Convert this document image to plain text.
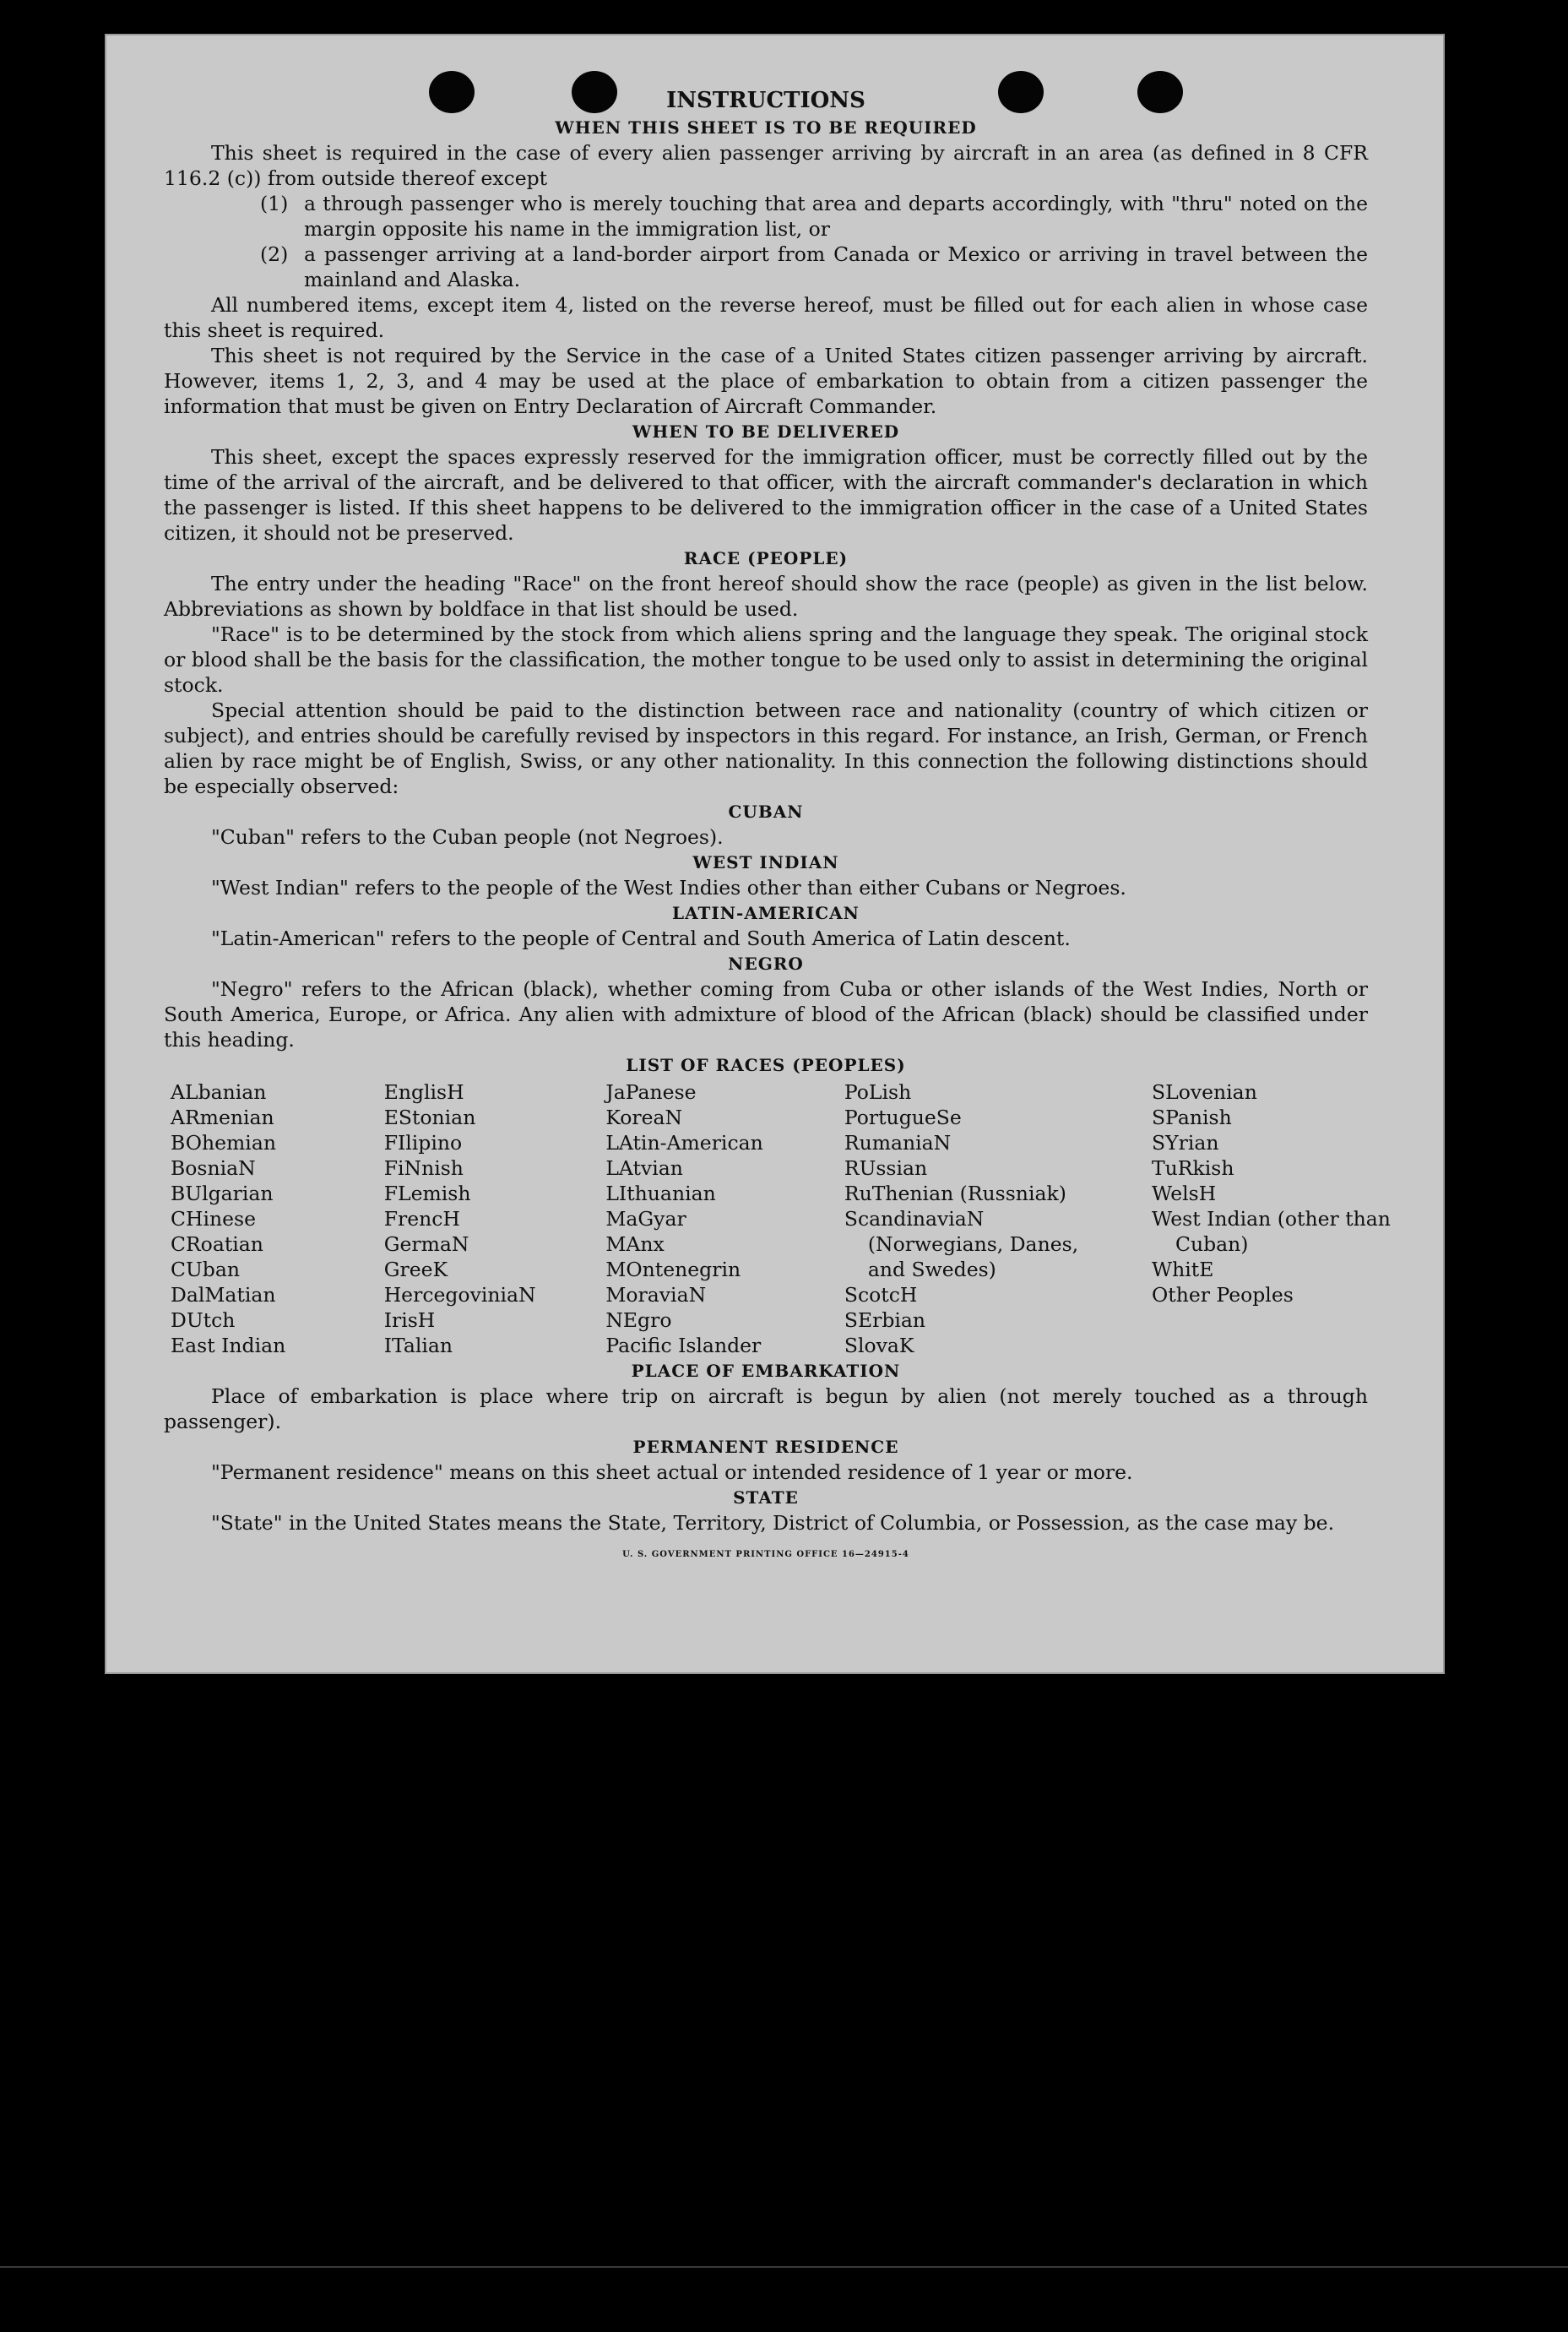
INSTRUCTIONS
WHEN THIS SHEET IS TO BE REQUIRED

This sheet is required in the case of every alien passenger arriving by aircraft in an area (as defined in 8 CFR 116.2 (c)) from outside thereof except

(1) a through passenger who is merely touching that area and departs accordingly, with "thru" noted on the margin opposite his name in the immigration list, or
(2) a passenger arriving at a land-border airport from Canada or Mexico or arriving in travel between the mainland and Alaska.

All numbered items, except item 4, listed on the reverse hereof, must be filled out for each alien in whose case this sheet is required.

This sheet is not required by the Service in the case of a United States citizen passenger arriving by aircraft. However, items 1, 2, 3, and 4 may be used at the place of embarkation to obtain from a citizen passenger the information that must be given on Entry Declaration of Aircraft Commander.

WHEN TO BE DELIVERED

This sheet, except the spaces expressly reserved for the immigration officer, must be correctly filled out by the time of the arrival of the aircraft, and be delivered to that officer, with the aircraft commander's declaration in which the passenger is listed. If this sheet happens to be delivered to the immigration officer in the case of a United States citizen, it should not be preserved.

RACE (PEOPLE)

The entry under the heading "Race" on the front hereof should show the race (people) as given in the list below. Abbreviations as shown by boldface in that list should be used.

"Race" is to be determined by the stock from which aliens spring and the language they speak. The original stock or blood shall be the basis for the classification, the mother tongue to be used only to assist in determining the original stock.

Special attention should be paid to the distinction between race and nationality (country of which citizen or subject), and entries should be carefully revised by inspectors in this regard. For instance, an Irish, German, or French alien by race might be of English, Swiss, or any other nationality. In this connection the following distinctions should be especially observed:

CUBAN

"Cuban" refers to the Cuban people (not Negroes).

WEST INDIAN

"West Indian" refers to the people of the West Indies other than either Cubans or Negroes.

LATIN-AMERICAN

"Latin-American" refers to the people of Central and South America of Latin descent.

NEGRO

"Negro" refers to the African (black), whether coming from Cuba or other islands of the West Indies, North or South America, Europe, or Africa. Any alien with admixture of blood of the African (black) should be classified under this heading.

LIST OF RACES (PEOPLES)
ALbanian
ARmenian
BOhemian
BosniaN
BUlgarian
CHinese
CRoatian
CUban
DalMatian
DUtch
East Indian
EnglisH
EStonian
FIlipino
FiNnish
FLemish
FrencH
GermaN
GreeK
HercegoviniaN
IrisH
ITalian
JaPanese
KoreaN
LAtin-American
LAtvian
LIthuanian
MaGyar
MAnx
MOntenegrin
MoraviaN
NEgro
Pacific Islander
PoLish
PortugueSe
RumaniaN
RUssian
RuThenian (Russniak)
ScandinaviaN (Norwegians, Danes, and Swedes)
ScotcH
SErbian
SlovaK
SLovenian
SPanish
SYrian
TuRkish
WelsH
West Indian (other than Cuban)
WhitE
Other Peoples
PLACE OF EMBARKATION

Place of embarkation is place where trip on aircraft is begun by alien (not merely touched as a through passenger).

PERMANENT RESIDENCE

"Permanent residence" means on this sheet actual or intended residence of 1 year or more.

STATE

"State" in the United States means the State, Territory, District of Columbia, or Possession, as the case may be.

U. S. GOVERNMENT PRINTING OFFICE 16—24915-4
